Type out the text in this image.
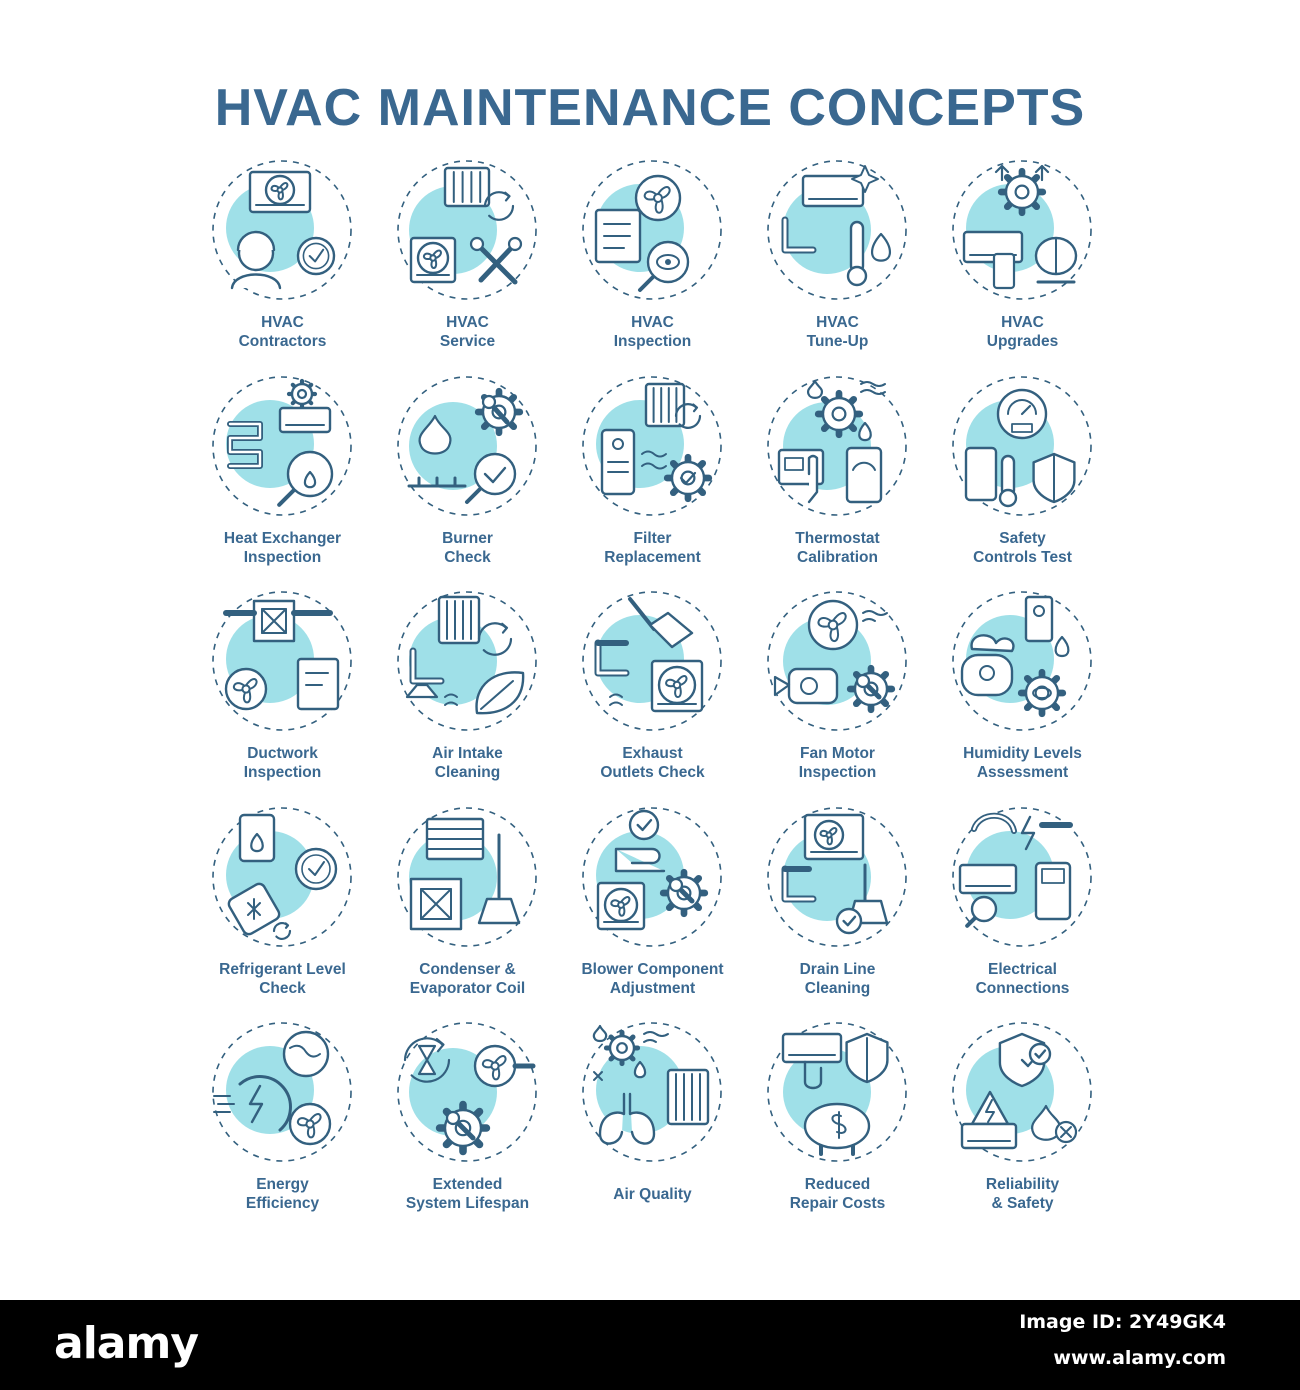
HVAC MAINTENANCE CONCEPTS
HVAC
Contractors
HVAC
Service
HVAC
Inspection
HVAC
Tune-Up
HVAC
Upgrades
Heat Exchanger
Inspection
Burner
Check
Filter
Replacement
Thermostat
Calibration
Safety
Controls Test
Ductwork
Inspection
Air Intake
Cleaning
Exhaust
Outlets Check
Fan Motor
Inspection
Humidity Levels
Assessment
Refrigerant Level
Check
Condenser &
Evaporator Coil
Blower Component
Adjustment
Drain Line
Cleaning
Electrical
Connections
Energy
Efficiency
Extended
System Lifespan
Air Quality
Reduced
Repair Costs
Reliability
& Safety
alamy	Image ID: 2Y49GK4
www.alamy.com
